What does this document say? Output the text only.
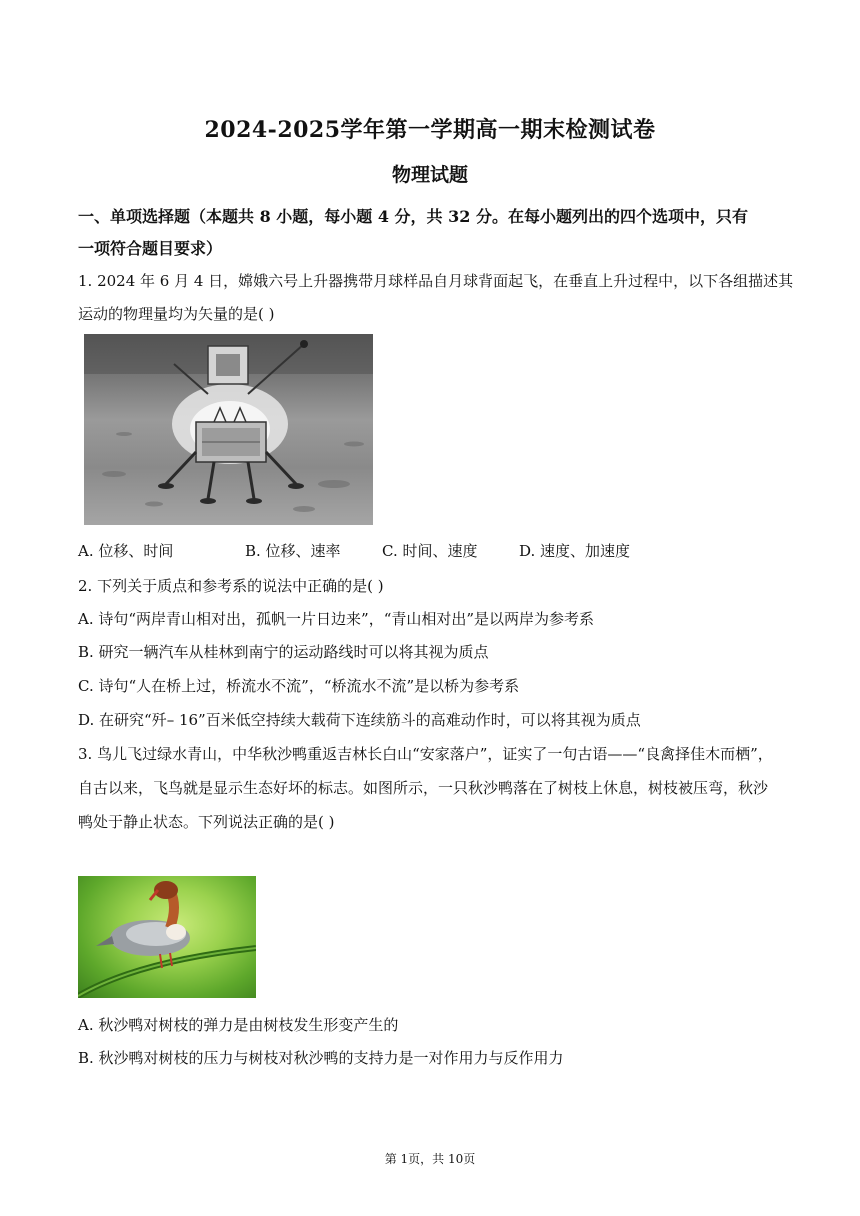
2024-2025学年第一学期高一期末检测试卷
物理试题
一、单项选择题（本题共 8 小题，每小题 4 分，共 32 分。在每小题列出的四个选项中，只有
一项符合题目要求）
1. 2024 年 6 月 4 日，嫦娥六号上升器携带月球样品自月球背面起飞，在垂直上升过程中，以下各组描述其
运动的物理量均为矢量的是( )
A. 位移、时间	B. 位移、速率	C. 时间、速度	D. 速度、加速度
2. 下列关于质点和参考系的说法中正确的是( )
A. 诗句“两岸青山相对出，孤帆一片日边来”，“青山相对出”是以两岸为参考系
B. 研究一辆汽车从桂林到南宁的运动路线时可以将其视为质点
C. 诗句“人在桥上过，桥流水不流”，“桥流水不流”是以桥为参考系
D. 在研究“歼– 16”百米低空持续大载荷下连续筋斗的高难动作时，可以将其视为质点
3. 鸟儿飞过绿水青山，中华秋沙鸭重返吉林长白山“安家落户”，证实了一句古语——“良禽择佳木而栖”，
自古以来，飞鸟就是显示生态好坏的标志。如图所示，一只秋沙鸭落在了树枝上休息，树枝被压弯，秋沙
鸭处于静止状态。下列说法正确的是( )
A. 秋沙鸭对树枝的弹力是由树枝发生形变产生的
B. 秋沙鸭对树枝的压力与树枝对秋沙鸭的支持力是一对作用力与反作用力
第 1页，共 10页
